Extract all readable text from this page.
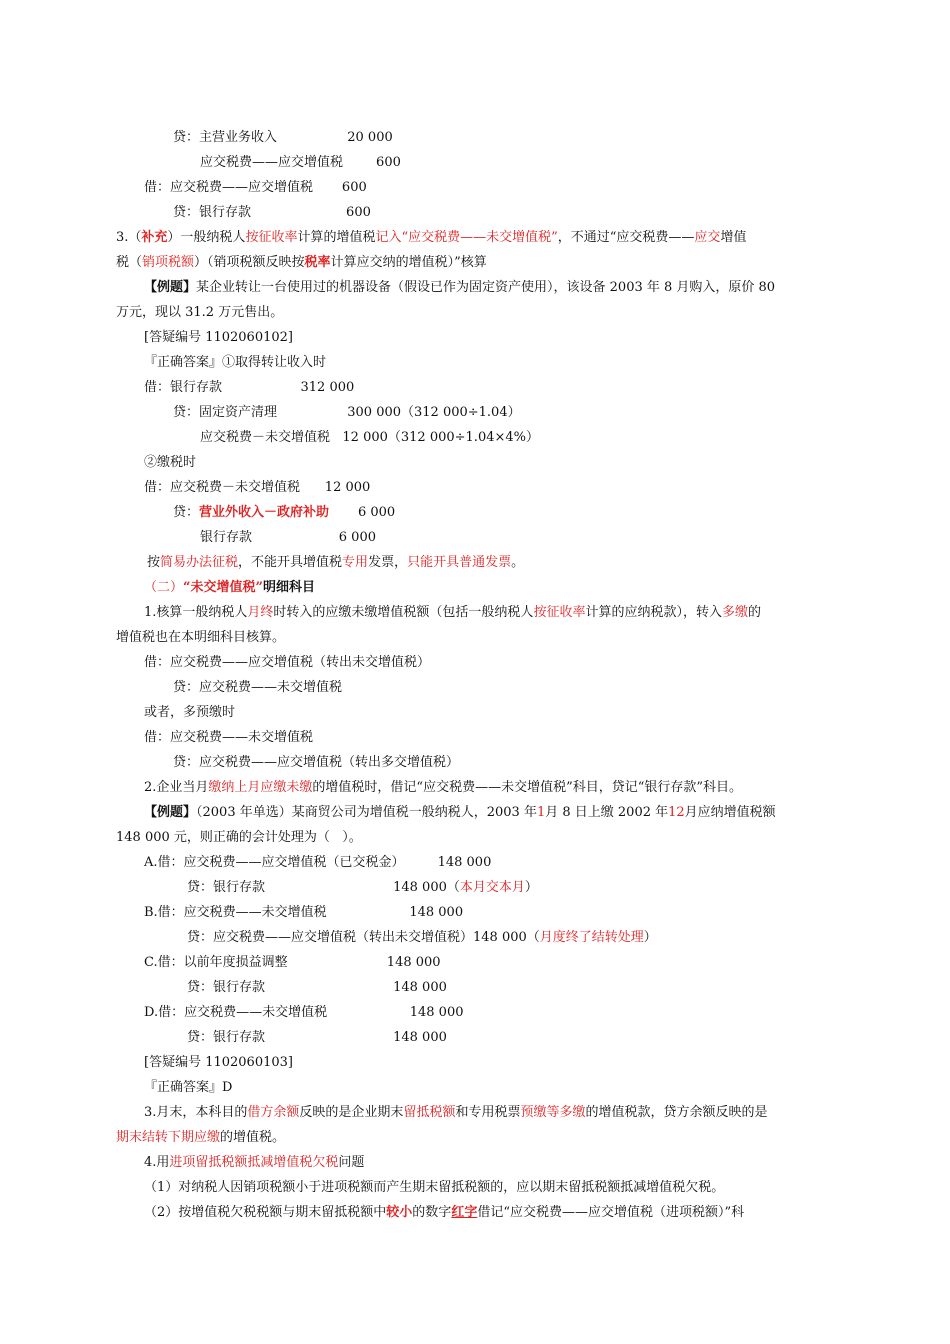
贷：主营业务收入                 20 000
应交税费——应交增值税        600
借：应交税费——应交增值税       600
贷：银行存款                       600
3.（补充）一般纳税人按征收率计算的增值税记入“应交税费——未交增值税”，不通过“应交税费——应交增值
税（销项税额）（销项税额反映按税率计算应交纳的增值税）”核算
【例题】某企业转让一台使用过的机器设备（假设已作为固定资产使用），该设备 2003 年 8 月购入，原价 80
万元，现以 31.2 万元售出。
[答疑编号 1102060102]
『正确答案』①取得转让收入时
借：银行存款                   312 000
贷：固定资产清理                 300 000（312 000÷1.04）
应交税费－未交增值税   12 000（312 000÷1.04×4%）
②缴税时
借：应交税费－未交增值税      12 000
贷：营业外收入－政府补助       6 000
银行存款                     6 000
按简易办法征税，不能开具增值税专用发票，只能开具普通发票。
（二）“未交增值税”明细科目
1.核算一般纳税人月终时转入的应缴未缴增值税额（包括一般纳税人按征收率计算的应纳税款），转入多缴的
增值税也在本明细科目核算。
借：应交税费——应交增值税（转出未交增值税）
贷：应交税费——未交增值税
或者，多预缴时
借：应交税费——未交增值税
贷：应交税费——应交增值税（转出多交增值税）
2.企业当月缴纳上月应缴未缴的增值税时，借记“应交税费——未交增值税”科目，贷记“银行存款”科目。
【例题】（2003 年单选）某商贸公司为增值税一般纳税人，2003 年1月 8 日上缴 2002 年12月应纳增值税额
148 000 元，则正确的会计处理为（   ）。
A.借：应交税费——应交增值税（已交税金）        148 000
贷：银行存款                               148 000（本月交本月）
B.借：应交税费——未交增值税                    148 000
贷：应交税费——应交增值税（转出未交增值税）148 000（月度终了结转处理）
C.借：以前年度损益调整                        148 000
贷：银行存款                               148 000
D.借：应交税费——未交增值税                    148 000
贷：银行存款                               148 000
[答疑编号 1102060103]
『正确答案』D
3.月末，本科目的借方余额反映的是企业期末留抵税额和专用税票预缴等多缴的增值税款，贷方余额反映的是
期末结转下期应缴的增值税。
4.用进项留抵税额抵减增值税欠税问题
（1）对纳税人因销项税额小于进项税额而产生期末留抵税额的，应以期末留抵税额抵减增值税欠税。
（2）按增值税欠税税额与期末留抵税额中较小的数字红字借记“应交税费——应交增值税（进项税额）”科
